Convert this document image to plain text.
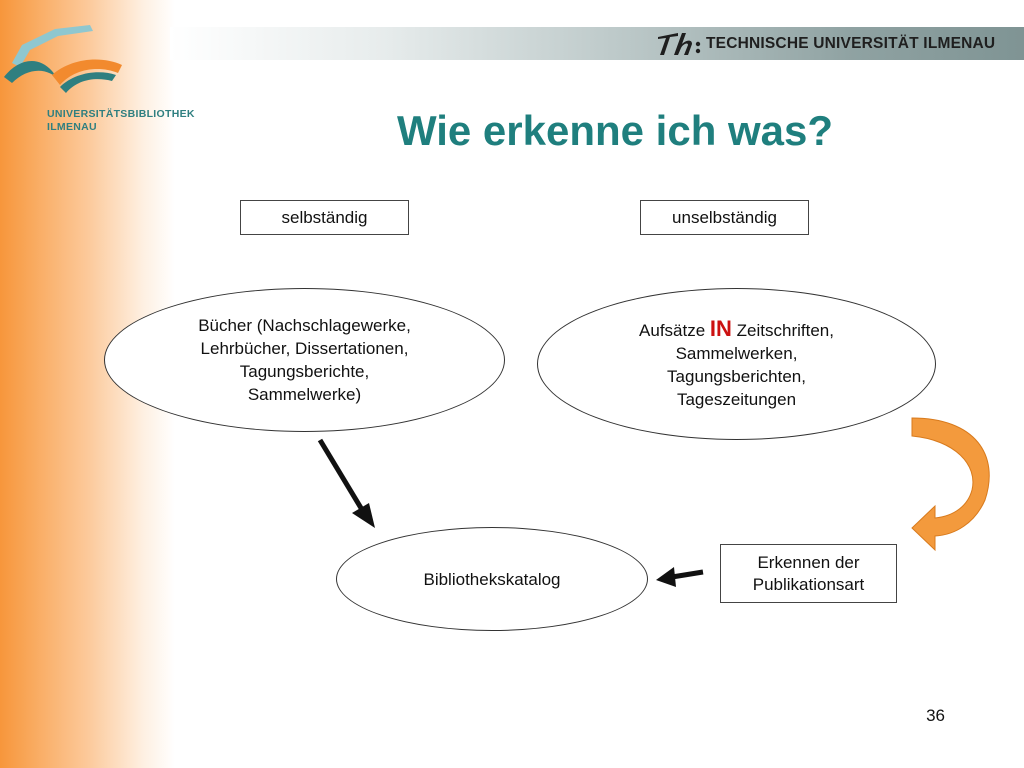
UNIVERSITÄTSBIBLIOTHEK
ILMENAU
TECHNISCHE UNIVERSITÄT ILMENAU
Wie erkenne ich was?
selbständig	unselbständig
Bücher (Nachschlagewerke,
Lehrbücher, Dissertationen,
Tagungsberichte,
Sammelwerke)
Aufsätze IN Zeitschriften,
Sammelwerken,
Tagungsberichten,
Tageszeitungen
Bibliothekskatalog
Erkennen der
Publikationsart
36
